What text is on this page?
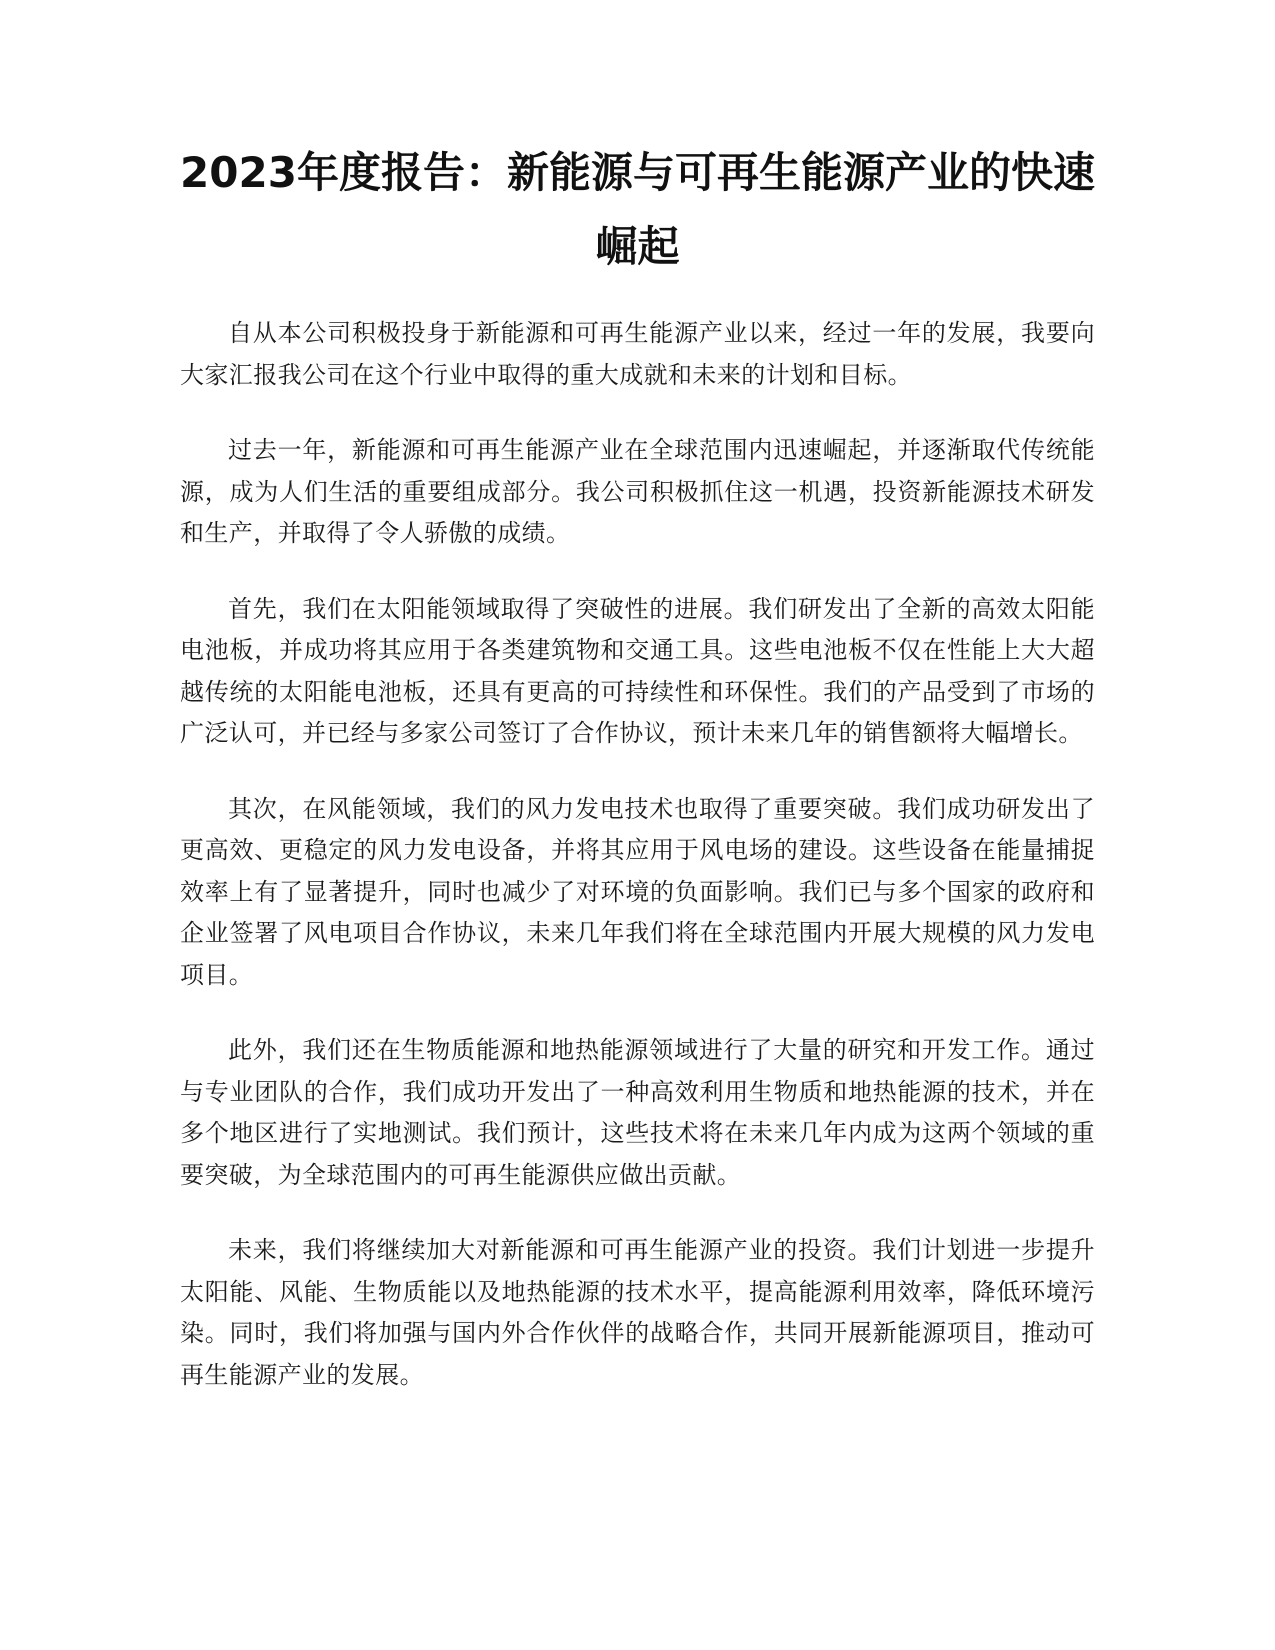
2023年度报告：新能源与可再生能源产业的快速崛起

自从本公司积极投身于新能源和可再生能源产业以来，经过一年的发展，我要向大家汇报我公司在这个行业中取得的重大成就和未来的计划和目标。

过去一年，新能源和可再生能源产业在全球范围内迅速崛起，并逐渐取代传统能源，成为人们生活的重要组成部分。我公司积极抓住这一机遇，投资新能源技术研发和生产，并取得了令人骄傲的成绩。

首先，我们在太阳能领域取得了突破性的进展。我们研发出了全新的高效太阳能电池板，并成功将其应用于各类建筑物和交通工具。这些电池板不仅在性能上大大超越传统的太阳能电池板，还具有更高的可持续性和环保性。我们的产品受到了市场的广泛认可，并已经与多家公司签订了合作协议，预计未来几年的销售额将大幅增长。

其次，在风能领域，我们的风力发电技术也取得了重要突破。我们成功研发出了更高效、更稳定的风力发电设备，并将其应用于风电场的建设。这些设备在能量捕捉效率上有了显著提升，同时也减少了对环境的负面影响。我们已与多个国家的政府和企业签署了风电项目合作协议，未来几年我们将在全球范围内开展大规模的风力发电项目。

此外，我们还在生物质能源和地热能源领域进行了大量的研究和开发工作。通过与专业团队的合作，我们成功开发出了一种高效利用生物质和地热能源的技术，并在多个地区进行了实地测试。我们预计，这些技术将在未来几年内成为这两个领域的重要突破，为全球范围内的可再生能源供应做出贡献。

未来，我们将继续加大对新能源和可再生能源产业的投资。我们计划进一步提升太阳能、风能、生物质能以及地热能源的技术水平，提高能源利用效率，降低环境污染。同时，我们将加强与国内外合作伙伴的战略合作，共同开展新能源项目，推动可再生能源产业的发展。
